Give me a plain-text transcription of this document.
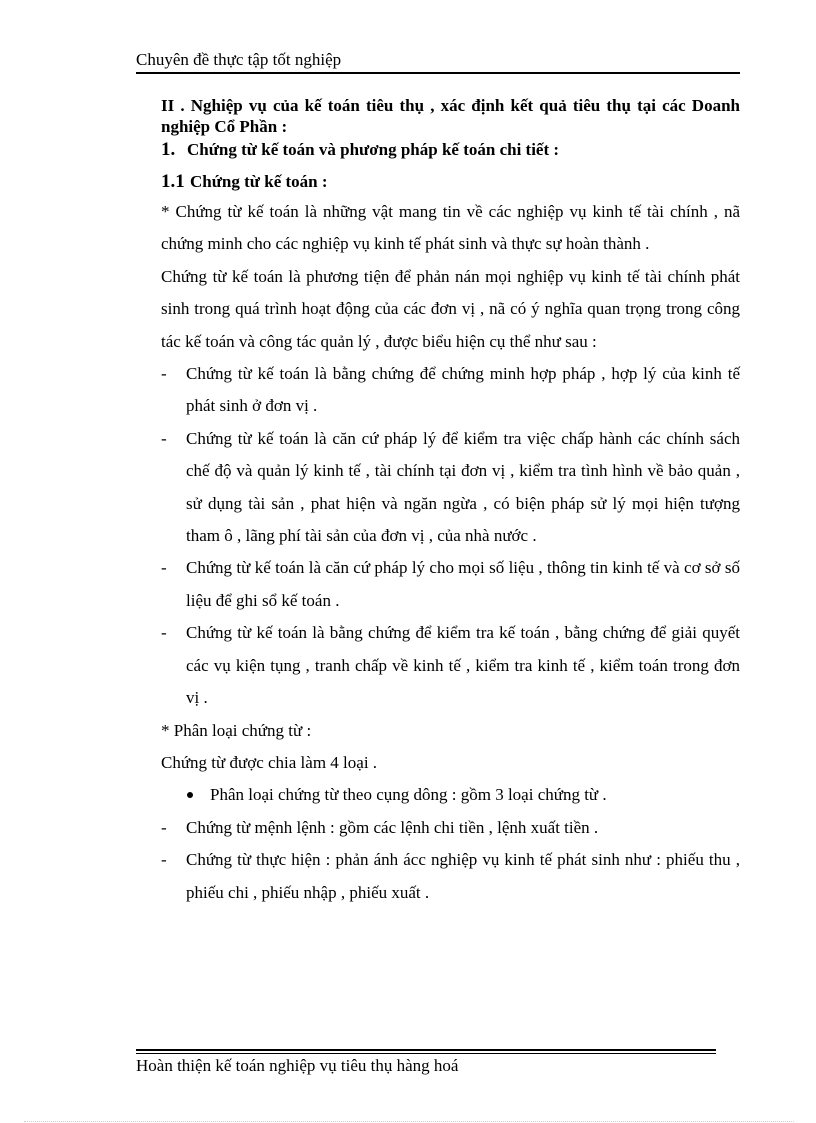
Chuyên đề thực tập tốt nghiệp

II . Nghiệp vụ của kế toán tiêu thụ , xác định kết quả tiêu thụ tại các Doanh nghiệp Cổ Phần :

1. Chứng từ kế toán và phương pháp kế toán chi tiết :

1.1 Chứng từ kế toán :

* Chứng từ kế toán là những vật mang tin về các nghiệp vụ kinh tế tài chính , nã chứng minh cho các nghiệp vụ kinh tế phát sinh và thực sự hoàn thành .

Chứng từ kế toán là phương tiện để phản nán mọi nghiệp vụ kinh tế tài chính phát sinh trong quá trình hoạt động của các đơn vị , nã có ý nghĩa quan trọng trong công tác kế toán và công tác quản lý , được biểu hiện cụ thể như sau :

- Chứng từ kế toán là bằng chứng để chứng minh hợp pháp , hợp lý của kinh tế phát sinh ở đơn vị .
- Chứng từ kế toán là căn cứ pháp lý để kiểm tra việc chấp hành các chính sách chế độ và quản lý kinh tế , tài chính tại đơn vị , kiểm tra tình hình về bảo quản , sử dụng tài sản , phat hiện và ngăn ngừa , có biện pháp sử lý mọi hiện tượng tham ô , lãng phí tài sản của đơn vị , của nhà nước .
- Chứng từ kế toán là căn cứ pháp lý cho mọi số liệu , thông tin kinh tế và cơ sở số liệu để ghi sổ kế toán .
- Chứng từ kế toán là bằng chứng để kiểm tra kế toán , bằng chứng để giải quyết các vụ kiện tụng , tranh chấp về kinh tế , kiểm tra kinh tế , kiểm toán trong đơn vị .

* Phân loại chứng từ :

Chứng từ được chia làm 4 loại .

Phân loại chứng từ theo cụng dông : gồm 3 loại chứng từ .
- Chứng từ mệnh lệnh : gồm các lệnh chi tiền , lệnh xuất tiền .
- Chứng từ thực hiện : phản ánh ácc nghiệp vụ kinh tế phát sinh như : phiếu thu , phiếu chi , phiếu nhập , phiếu xuất .
Hoàn thiện kế toán nghiệp vụ tiêu thụ hàng hoá
